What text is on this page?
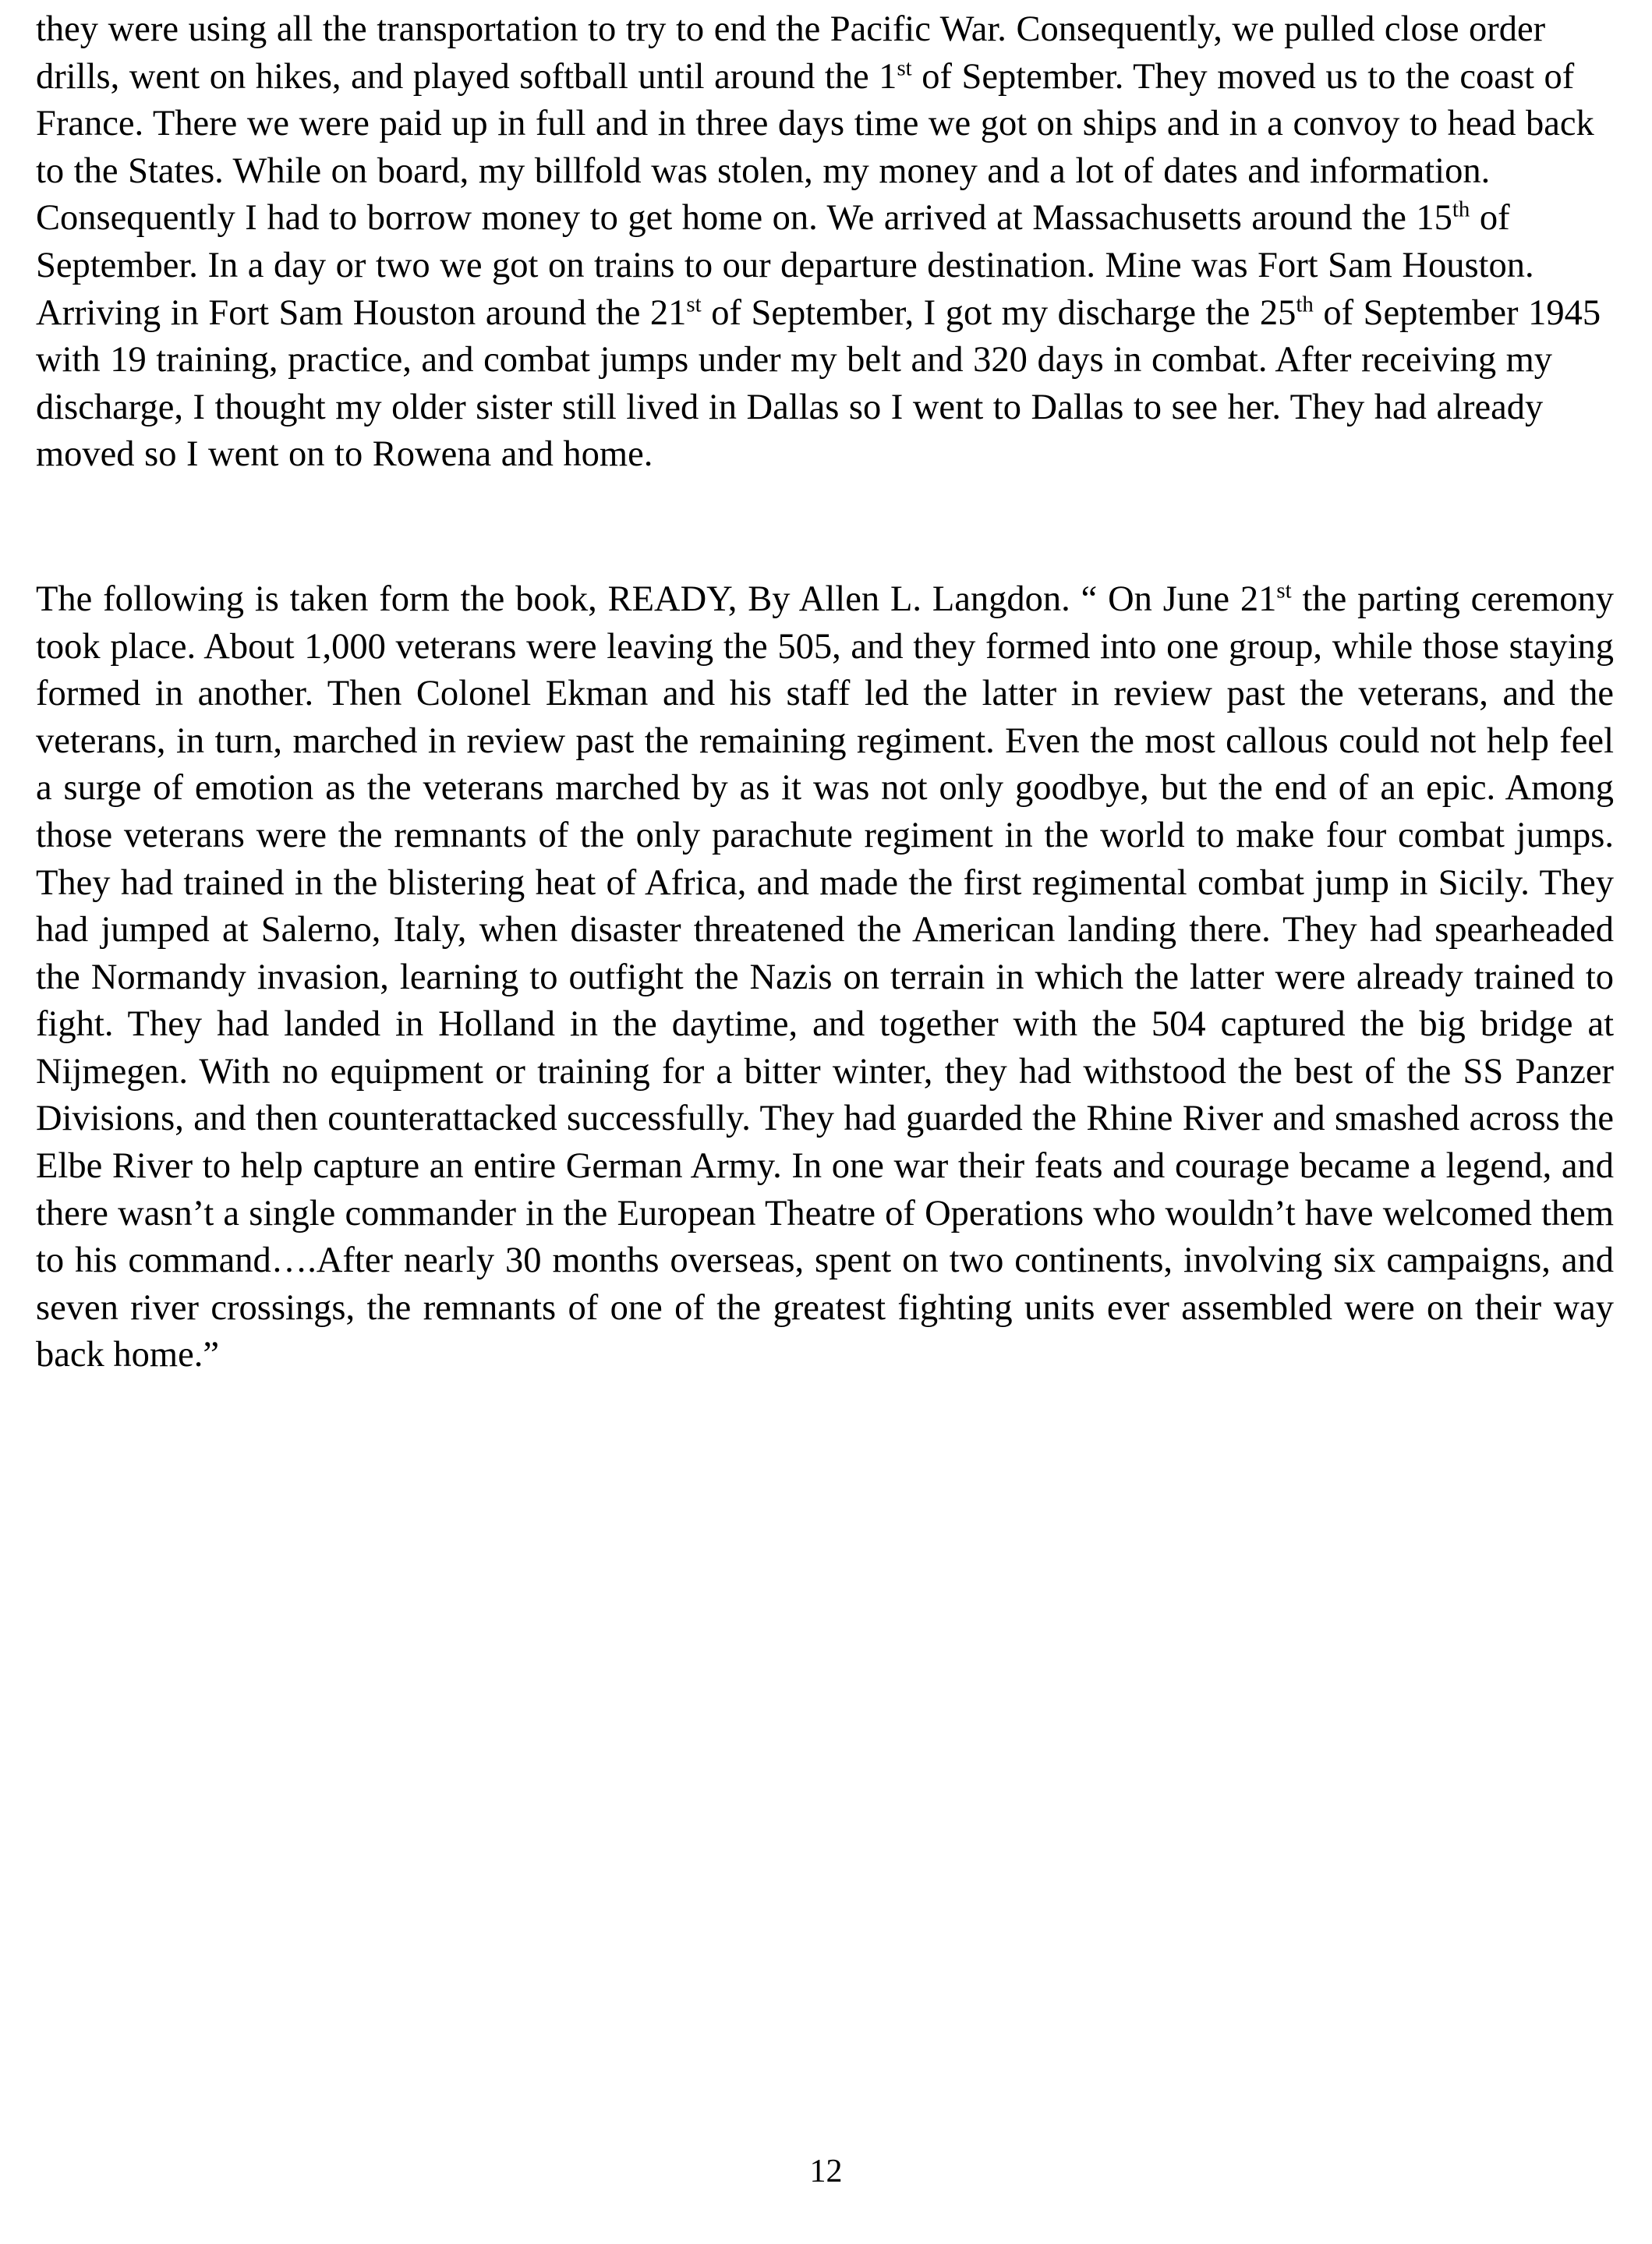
they were using all the transportation to try to end the Pacific War. Consequently, we pulled close order drills, went on hikes, and played softball until around the 1st of September. They moved us to the coast of France. There we were paid up in full and in three days time we got on ships and in a convoy to head back to the States. While on board, my billfold was stolen, my money and a lot of dates and information. Consequently I had to borrow money to get home on. We arrived at Massachusetts around the 15th of September. In a day or two we got on trains to our departure destination. Mine was Fort Sam Houston. Arriving in Fort Sam Houston around the 21st of September, I got my discharge the 25th of September 1945 with 19 training, practice, and combat jumps under my belt and 320 days in combat. After receiving my discharge, I thought my older sister still lived in Dallas so I went to Dallas to see her. They had already moved so I went on to Rowena and home.

The following is taken form the book, READY, By Allen L. Langdon. “ On June 21st the parting ceremony took place. About 1,000 veterans were leaving the 505, and they formed into one group, while those staying formed in another. Then Colonel Ekman and his staff led the latter in review past the veterans, and the veterans, in turn, marched in review past the remaining regiment. Even the most callous could not help feel a surge of emotion as the veterans marched by as it was not only goodbye, but the end of an epic. Among those veterans were the remnants of the only parachute regiment in the world to make four combat jumps. They had trained in the blistering heat of Africa, and made the first regimental combat jump in Sicily. They had jumped at Salerno, Italy, when disaster threatened the American landing there. They had spearheaded the Normandy invasion, learning to outfight the Nazis on terrain in which the latter were already trained to fight. They had landed in Holland in the daytime, and together with the 504 captured the big bridge at Nijmegen. With no equipment or training for a bitter winter, they had withstood the best of the SS Panzer Divisions, and then counterattacked successfully. They had guarded the Rhine River and smashed across the Elbe River to help capture an entire German Army. In one war their feats and courage became a legend, and there wasn’t a single commander in the European Theatre of Operations who wouldn’t have welcomed them to his command….After nearly 30 months overseas, spent on two continents, involving six campaigns, and seven river crossings, the remnants of one of the greatest fighting units ever assembled were on their way back home.”

12
